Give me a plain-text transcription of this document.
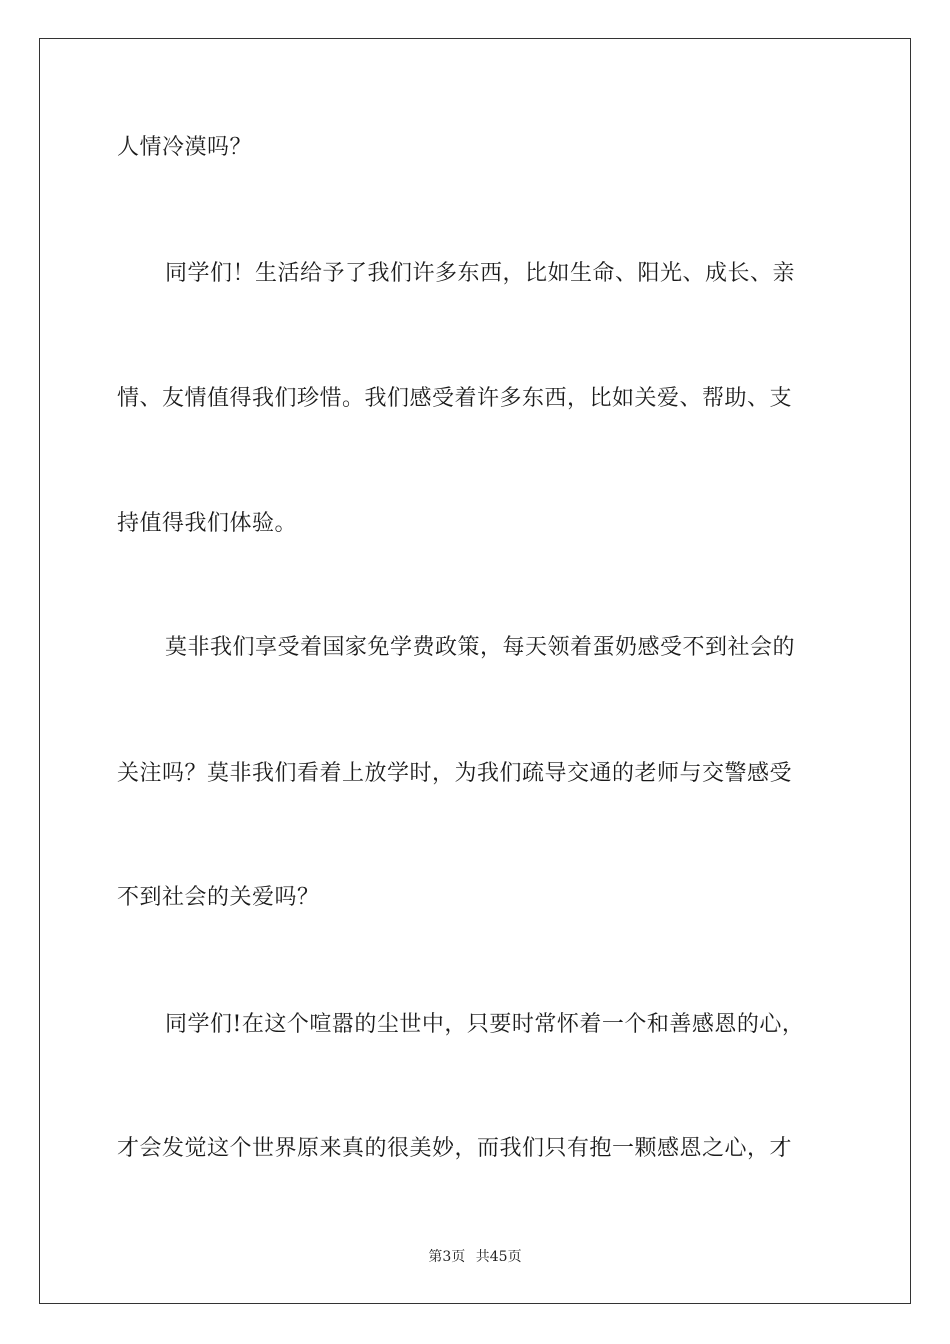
人情冷漠吗？
同学们！生活给予了我们许多东西，比如生命、阳光、成长、亲
情、友情值得我们珍惜。我们感受着许多东西，比如关爱、帮助、支
持值得我们体验。
莫非我们享受着国家免学费政策，每天领着蛋奶感受不到社会的
关注吗？莫非我们看着上放学时，为我们疏导交通的老师与交警感受
不到社会的关爱吗？
同学们!在这个喧嚣的尘世中，只要时常怀着一个和善感恩的心，
才会发觉这个世界原来真的很美妙，而我们只有抱一颗感恩之心，才
第3页 共45页
